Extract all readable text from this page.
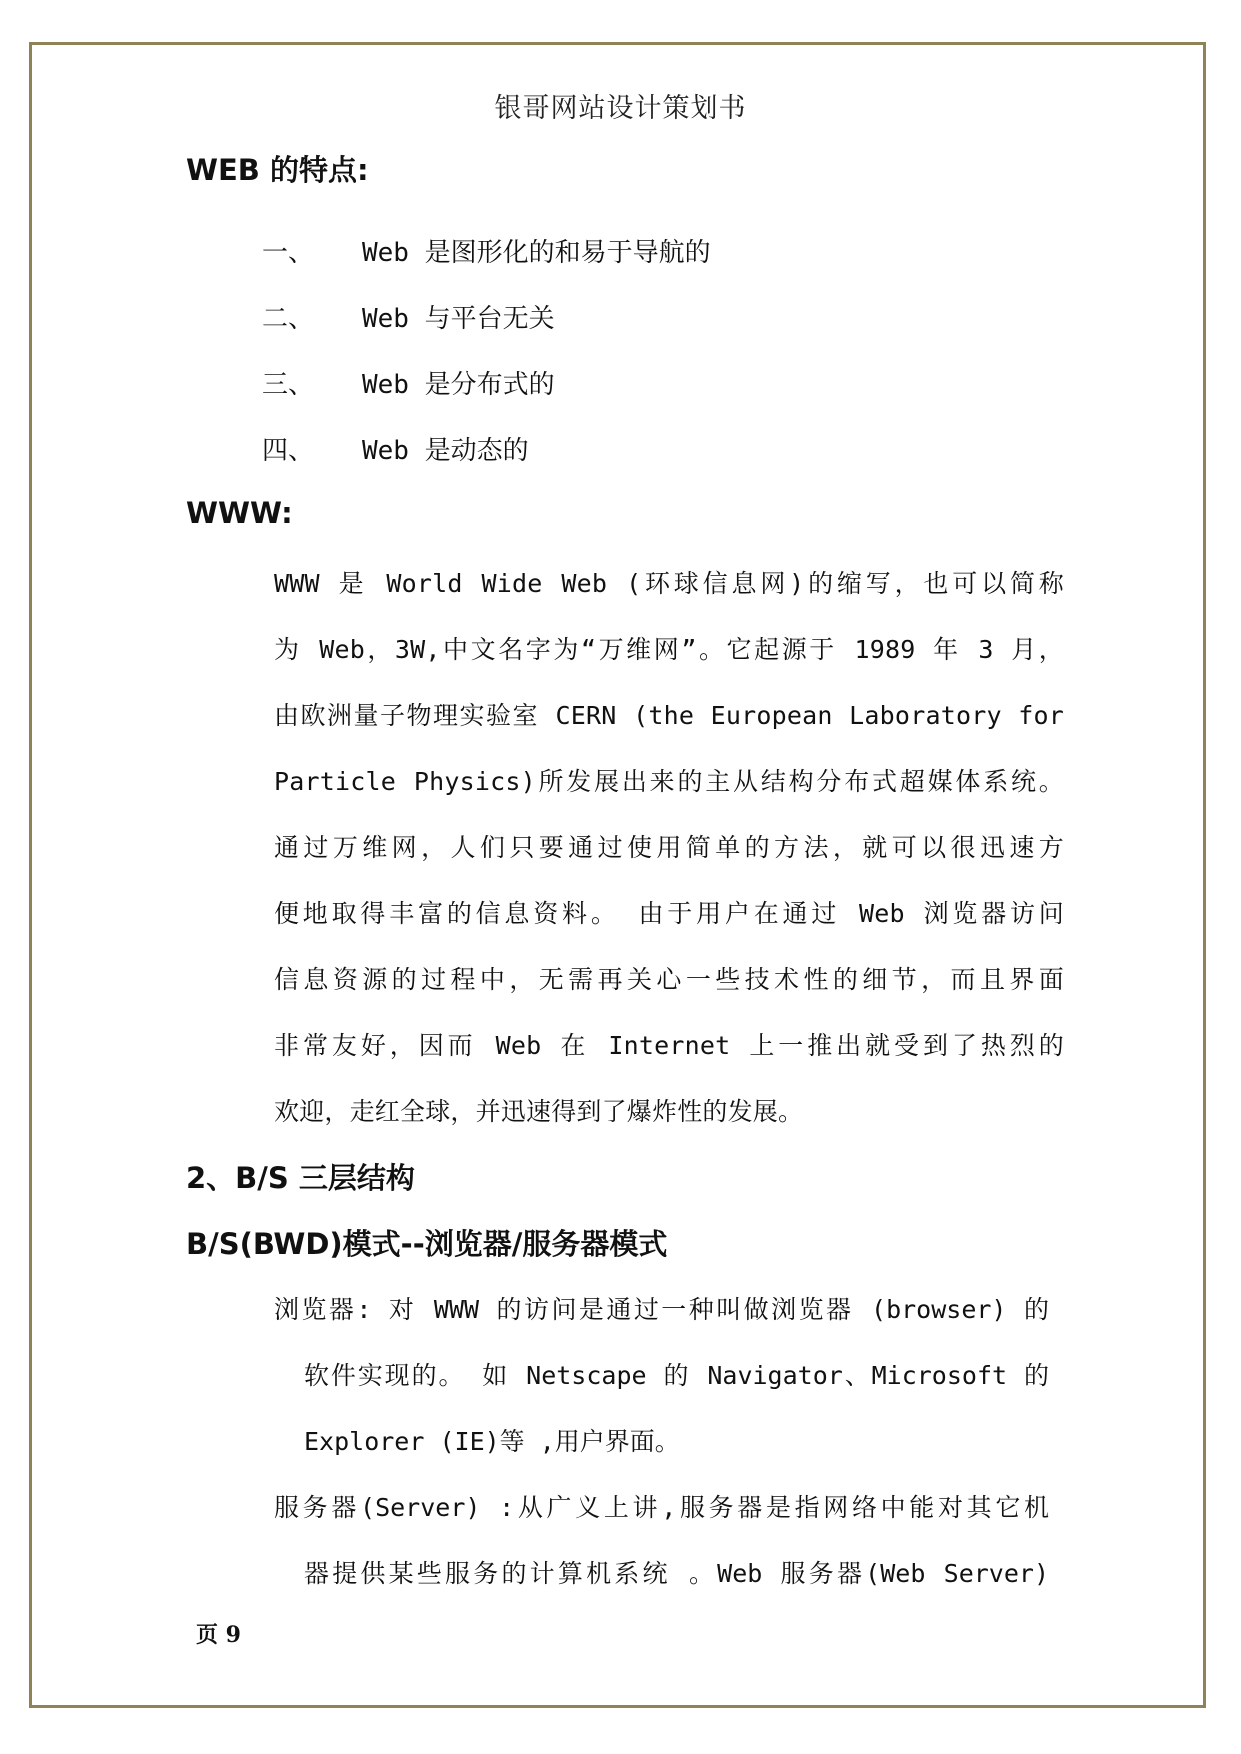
银哥网站设计策划书
WEB 的特点:
一、 Web 是图形化的和易于导航的
二、 Web 与平台无关
三、 Web 是分布式的
四、 Web 是动态的
WWW:
WWW 是 World Wide Web (环球信息网)的缩写，也可以简称
为 Web，3W,中文名字为“万维网”。它起源于 1989 年 3 月，
由欧洲量子物理实验室 CERN (the European Laboratory for
Particle Physics)所发展出来的主从结构分布式超媒体系统。
通过万维网，人们只要通过使用简单的方法，就可以很迅速方
便地取得丰富的信息资料。 由于用户在通过 Web 浏览器访问
信息资源的过程中，无需再关心一些技术性的细节，而且界面
非常友好，因而 Web 在 Internet 上一推出就受到了热烈的
欢迎，走红全球，并迅速得到了爆炸性的发展。
2、B/S 三层结构
B/S(BWD)模式--浏览器/服务器模式
浏览器: 对 WWW 的访问是通过一种叫做浏览器 (browser) 的
软件实现的。 如 Netscape 的 Navigator、Microsoft 的
Explorer (IE)等 ,用户界面。
服务器(Server) :从广义上讲,服务器是指网络中能对其它机
器提供某些服务的计算机系统 。Web 服务器(Web Server)
页 9
